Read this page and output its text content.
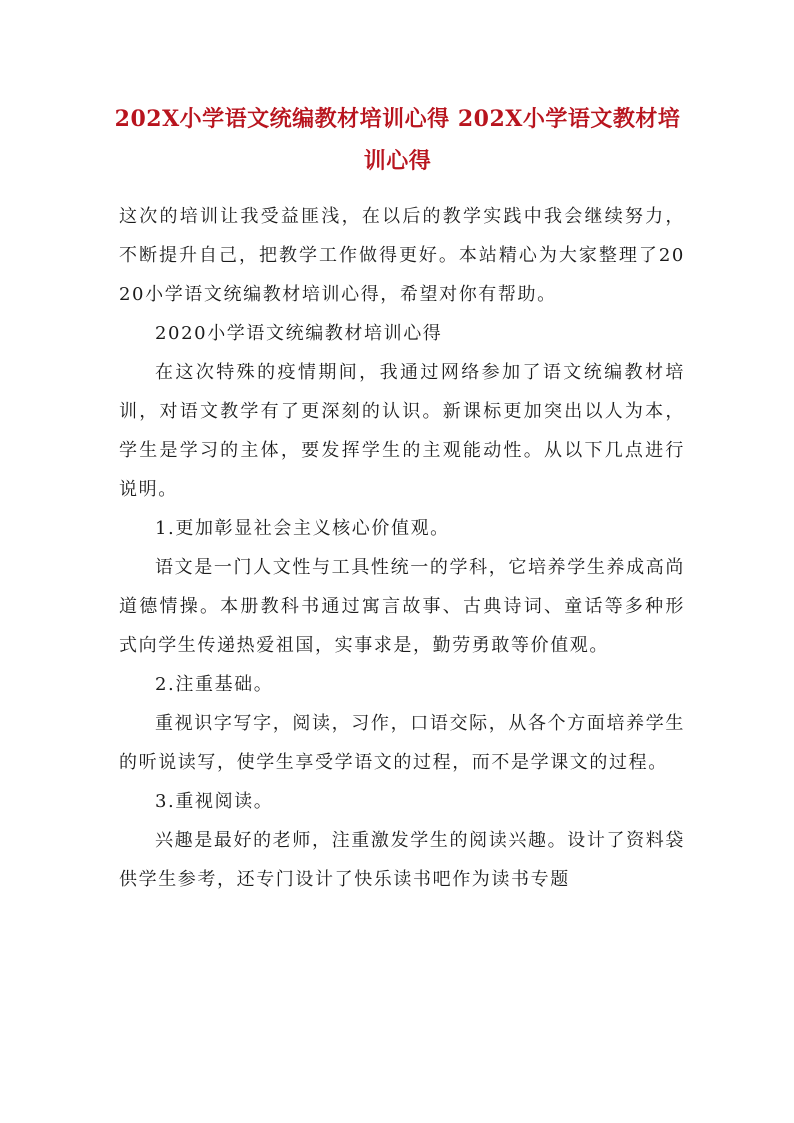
202X小学语文统编教材培训心得 202X小学语文教材培训心得

这次的培训让我受益匪浅，在以后的教学实践中我会继续努力，不断提升自己，把教学工作做得更好。本站精心为大家整理了2020小学语文统编教材培训心得，希望对你有帮助。

2020小学语文统编教材培训心得

在这次特殊的疫情期间，我通过网络参加了语文统编教材培训，对语文教学有了更深刻的认识。新课标更加突出以人为本，学生是学习的主体，要发挥学生的主观能动性。从以下几点进行说明。

1.更加彰显社会主义核心价值观。

语文是一门人文性与工具性统一的学科，它培养学生养成高尚道德情操。本册教科书通过寓言故事、古典诗词、童话等多种形式向学生传递热爱祖国，实事求是，勤劳勇敢等价值观。

2.注重基础。

重视识字写字，阅读，习作，口语交际，从各个方面培养学生的听说读写，使学生享受学语文的过程，而不是学课文的过程。

3.重视阅读。

兴趣是最好的老师，注重激发学生的阅读兴趣。设计了资料袋供学生参考，还专门设计了快乐读书吧作为读书专题
